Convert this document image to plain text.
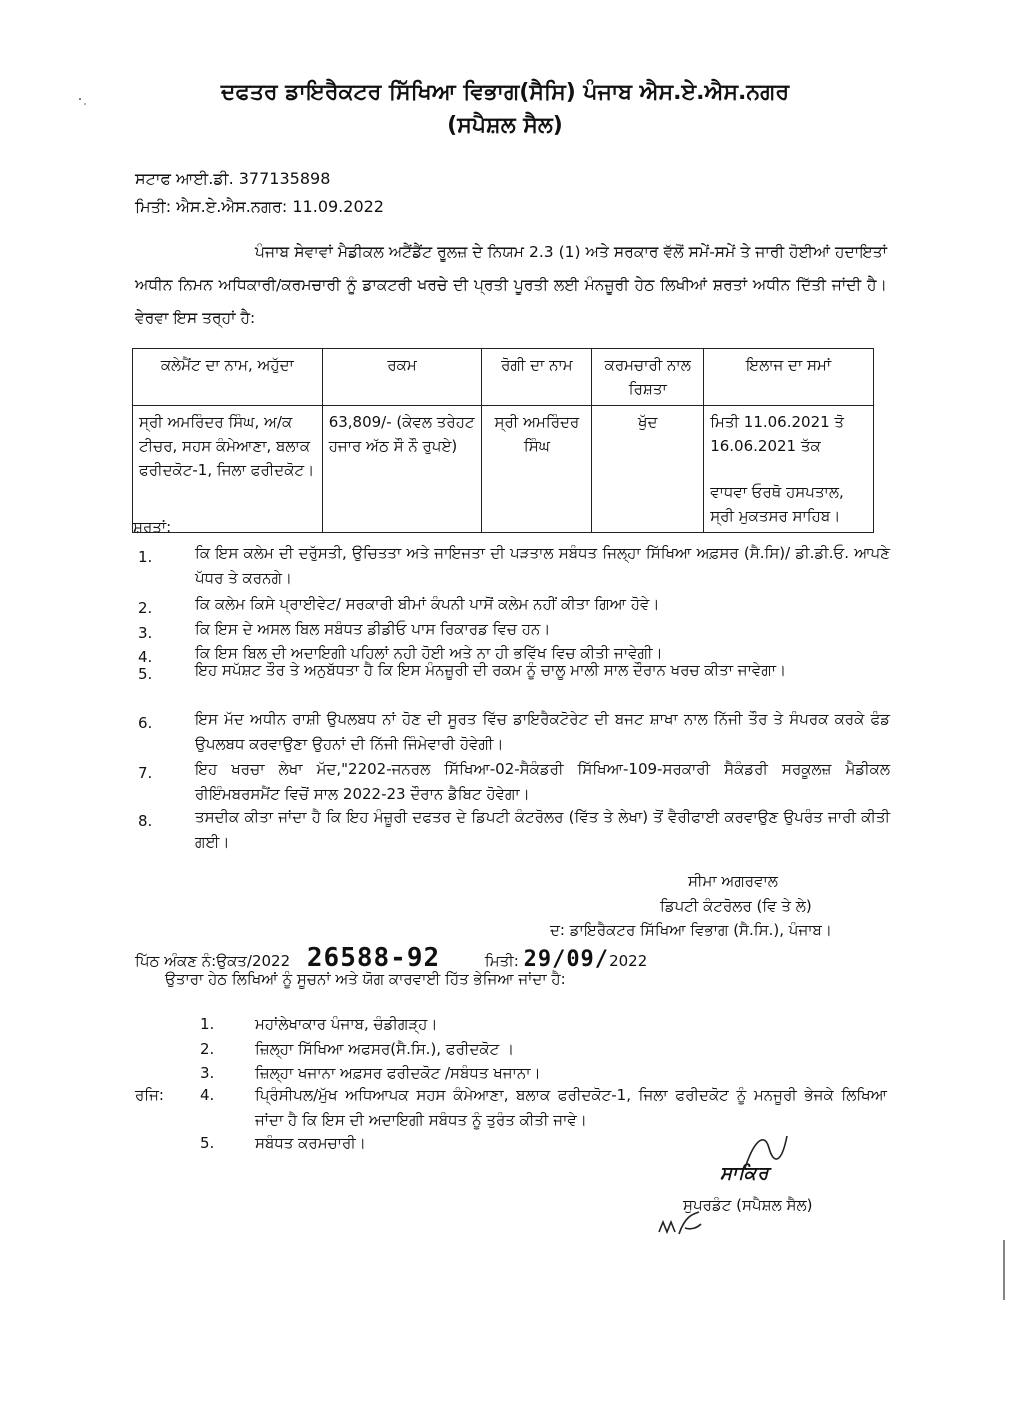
ਦਫਤਰ ਡਾਇਰੈਕਟਰ ਸਿੱਖਿਆ ਵਿਭਾਗ(ਸੈਸਿ) ਪੰਜਾਬ ਐਸ.ਏ.ਐਸ.ਨਗਰ
(ਸਪੈਸ਼ਲ ਸੈਲ)
ਸਟਾਫ ਆਈ.ਡੀ. 377135898
ਮਿਤੀ: ਐਸ.ਏ.ਐਸ.ਨਗਰ: 11.09.2022
ਪੰਜਾਬ ਸੇਵਾਵਾਂ ਮੈਡੀਕਲ ਅਟੈਂਡੈਂਟ ਰੂਲਜ਼ ਦੇ ਨਿਯਮ 2.3 (1) ਅਤੇ ਸਰਕਾਰ ਵੱਲੋਂ ਸਮੇਂ-ਸਮੇਂ ਤੇ ਜਾਰੀ ਹੋਈਆਂ ਹਦਾਇਤਾਂ ਅਧੀਨ ਨਿਮਨ ਅਧਿਕਾਰੀ/ਕਰਮਚਾਰੀ ਨੂੰ ਡਾਕਟਰੀ ਖਰਚੇ ਦੀ ਪ੍ਰਤੀ ਪੂਰਤੀ ਲਈ ਮੰਨਜ਼ੂਰੀ ਹੇਠ ਲਿਖੀਆਂ ਸ਼ਰਤਾਂ ਅਧੀਨ ਦਿੱਤੀ ਜਾਂਦੀ ਹੈ। ਵੇਰਵਾ ਇਸ ਤਰ੍ਹਾਂ ਹੈ:
ਕਲੇਮੈਂਟ ਦਾ ਨਾਮ, ਅਹੁੱਦਾ	ਰਕਮ	ਰੋਗੀ ਦਾ ਨਾਮ	ਕਰਮਚਾਰੀ ਨਾਲ ਰਿਸ਼ਤਾ	ਇਲਾਜ ਦਾ ਸਮਾਂ
ਸ੍ਰੀ ਅਮਰਿੰਦਰ ਸਿੰਘ, ਅ/ਕ ਟੀਚਰ, ਸਹਸ ਕੰਮੇਆਣਾ, ਬਲਾਕ ਫਰੀਦਕੋਟ-1, ਜਿਲਾ ਫਰੀਦਕੋਟ।	63,809/- (ਕੇਵਲ ਤਰੇਹਟ ਹਜਾਰ ਅੱਠ ਸੌ ਨੌ ਰੁਪਏ)	ਸ੍ਰੀ ਅਮਰਿੰਦਰ ਸਿੰਘ	ਖੁੱਦ	ਮਿਤੀ 11.06.2021 ਤੋ 16.06.2021 ਤੱਕ
ਵਾਧਵਾ ਓਰਥੋ ਹਸਪਤਾਲ, ਸ੍ਰੀ ਮੁਕਤਸਰ ਸਾਹਿਬ।
ਸ਼ਰਤਾਂ:
1.	ਕਿ ਇਸ ਕਲੇਮ ਦੀ ਦਰੁੱਸਤੀ, ਉਚਿਤਤਾ ਅਤੇ ਜਾਇਜਤਾ ਦੀ ਪੜਤਾਲ ਸਬੰਧਤ ਜਿਲ੍ਹਾ ਸਿੱਖਿਆ ਅਫ਼ਸਰ (ਸੈ.ਸਿ)/ ਡੀ.ਡੀ.ਓ. ਆਪਣੇ ਪੱਧਰ ਤੇ ਕਰਨਗੇ।
2.	ਕਿ ਕਲੇਮ ਕਿਸੇ ਪ੍ਰਾਈਵੇਟ/ ਸਰਕਾਰੀ ਬੀਮਾਂ ਕੰਪਨੀ ਪਾਸੋਂ ਕਲੇਮ ਨਹੀਂ ਕੀਤਾ ਗਿਆ ਹੋਵੇ।
3.	ਕਿ ਇਸ ਦੇ ਅਸਲ ਬਿਲ ਸਬੰਧਤ ਡੀਡੀਓ ਪਾਸ ਰਿਕਾਰਡ ਵਿਚ ਹਨ।
4.	ਕਿ ਇਸ ਬਿਲ ਦੀ ਅਦਾਇਗੀ ਪਹਿਲਾਂ ਨਹੀ ਹੋਈ ਅਤੇ ਨਾ ਹੀ ਭਵਿੱਖ ਵਿਚ ਕੀਤੀ ਜਾਵੇਗੀ।
5.	ਇਹ ਸਪੱਸ਼ਟ ਤੌਰ ਤੇ ਅਨੁਬੱਧਤਾ ਹੈ ਕਿ ਇਸ ਮੰਨਜ਼ੂਰੀ ਦੀ ਰਕਮ ਨੂੰ ਚਾਲੂ ਮਾਲੀ ਸਾਲ ਦੌਰਾਨ ਖਰਚ ਕੀਤਾ ਜਾਵੇਗਾ।
6.	ਇਸ ਮੱਦ ਅਧੀਨ ਰਾਸ਼ੀ ਉਪਲਬਧ ਨਾਂ ਹੋਣ ਦੀ ਸੂਰਤ ਵਿੱਚ ਡਾਇਰੈਕਟੋਰੇਟ ਦੀ ਬਜਟ ਸ਼ਾਖਾ ਨਾਲ ਨਿੱਜੀ ਤੌਰ ਤੇ ਸੰਪਰਕ ਕਰਕੇ ਫੰਡ ਉਪਲਬਧ ਕਰਵਾਉਣਾ ਉਹਨਾਂ ਦੀ ਨਿੱਜੀ ਜਿੰਮੇਵਾਰੀ ਹੋਵੇਗੀ।
7.	ਇਹ ਖਰਚਾ ਲੇਖਾ ਮੱਦ,"2202-ਜਨਰਲ ਸਿੱਖਿਆ-02-ਸੈਕੰਡਰੀ ਸਿੱਖਿਆ-109-ਸਰਕਾਰੀ ਸੈਕੰਡਰੀ ਸਰਕੂਲਜ਼ ਮੈਡੀਕਲ ਰੀਇੰਮਬਰਸਮੈਂਟ ਵਿਚੋਂ ਸਾਲ 2022-23 ਦੌਰਾਨ ਡੈਬਿਟ ਹੋਵੇਗਾ।
8.	ਤਸਦੀਕ ਕੀਤਾ ਜਾਂਦਾ ਹੈ ਕਿ ਇਹ ਮੰਜ਼ੂਰੀ ਦਫਤਰ ਦੇ ਡਿਪਟੀ ਕੰਟਰੋਲਰ (ਵਿੱਤ ਤੇ ਲੇਖਾ) ਤੋਂ ਵੈਰੀਫਾਈ ਕਰਵਾਉਣ ਉਪਰੰਤ ਜਾਰੀ ਕੀਤੀ ਗਈ।
ਸੀਮਾ ਅਗਰਵਾਲ
ਡਿਪਟੀ ਕੰਟਰੋਲਰ (ਵਿ ਤੇ ਲੇ)
ਦ: ਡਾਇਰੈਕਟਰ ਸਿੱਖਿਆ ਵਿਭਾਗ (ਸੈ.ਸਿ.), ਪੰਜਾਬ।
ਪਿੱਠ ਅੰਕਣ ਨੰ:ਉਕਤ/2022 26588-92	ਮਿਤੀ: 29/09/2022
ਉਤਾਰਾ ਹੇਠ ਲਿਖਿਆਂ ਨੂੰ ਸੂਚਨਾਂ ਅਤੇ ਯੋਗ ਕਾਰਵਾਈ ਹਿੱਤ ਭੇਜਿਆ ਜਾਂਦਾ ਹੈ:
1.	ਮਹਾਂਲੇਖਾਕਾਰ ਪੰਜਾਬ, ਚੰਡੀਗੜ੍ਹ।
2.	ਜ਼ਿਲ੍ਹਾ ਸਿੱਖਿਆ ਅਫਸਰ(ਸੈ.ਸਿ.), ਫਰੀਦਕੋਟ ।
3.	ਜ਼ਿਲ੍ਹਾ ਖਜਾਨਾ ਅਫ਼ਸਰ ਫਰੀਦਕੋਟ /ਸਬੰਧਤ ਖਜਾਨਾ।
ਰਜਿ:	4.	ਪ੍ਰਿੰਸੀਪਲ/ਮੁੱਖ ਅਧਿਆਪਕ ਸਹਸ ਕੰਮੇਆਣਾ, ਬਲਾਕ ਫਰੀਦਕੋਟ-1, ਜਿਲਾ ਫਰੀਦਕੋਟ ਨੂੰ ਮਨਜੂਰੀ ਭੇਜਕੇ ਲਿਖਿਆ ਜਾਂਦਾ ਹੈ ਕਿ ਇਸ ਦੀ ਅਦਾਇਗੀ ਸਬੰਧਤ ਨੂੰ ਤੁਰੰਤ ਕੀਤੀ ਜਾਵੇ।
5.	ਸਬੰਧਤ ਕਰਮਚਾਰੀ।
ਸਾਕਿਰ
ਸੁਪਰਡੰਟ (ਸਪੈਸ਼ਲ ਸੈਲ)
